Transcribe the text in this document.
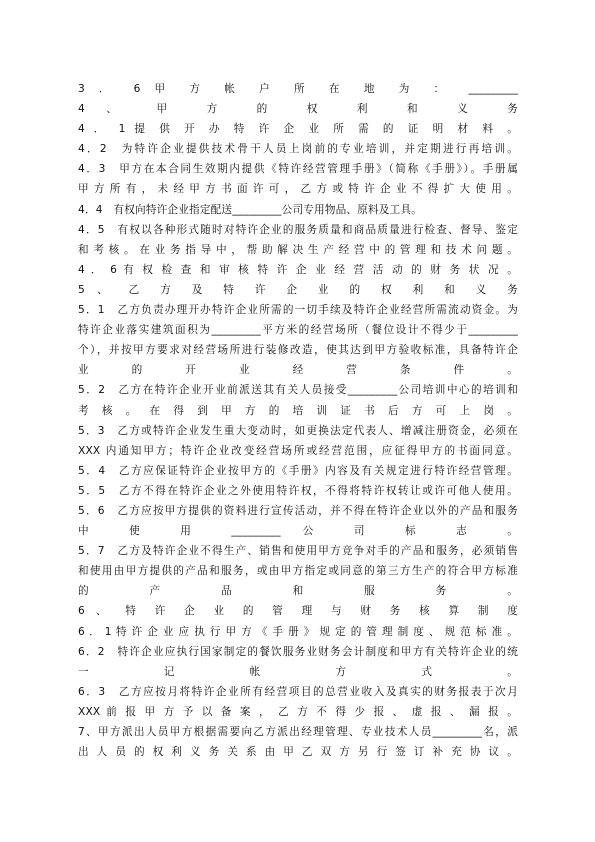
3 ． 6 甲 方 帐 户 所 在 地 为 ： _________
4 、 甲 方 的 权 利 和 义 务
4 ． 1 提 供 开 办 特 许 企 业 所 需 的 证 明 材 料 。
4．2　为特许企业提供技术骨干人员上岗前的专业培训，并定期进行再培训。
4．3　甲方在本合同生效期内提供《特许经营管理手册》（简称《手册》）。手册属
甲 方 所 有 ， 未 经 甲 方 书 面 许 可 ， 乙 方 或 特 许 企 业 不 得 扩 大 使 用 。
4．4　有权向特许企业指定配送_________公司专用物品、原料及工具。
4．5　有权以各种形式随时对特许企业的服务质量和商品质量进行检查、督导、鉴定
和 考 核 。 在 业 务 指 导 中 ， 帮 助 解 决 生 产 经 营 中 的 管 理 和 技 术 问 题 。
4 ． 6 有 权 检 查 和 审 核 特 许 企 业 经 营 活 动 的 财 务 状 况 。
5 、 乙 方 及 特 许 企 业 的 权 利 和 义 务
5．1　乙方负责办理开办特许企业所需的一切手续及特许企业经营所需流动资金。为
特许企业落实建筑面积为_________平方米的经营场所（餐位设计不得少于_________
个），并按甲方要求对经营场所进行装修改造，使其达到甲方验收标准，具备特许企
业 的 开 业 经 营 条 件 。
5．2　乙方在特许企业开业前派送其有关人员接受_________公司培训中心的培训和
考 核 。 在 得 到 甲 方 的 培 训 证 书 后 方 可 上 岗 。
5．3　乙方或特许企业发生重大变动时，如更换法定代表人、增减注册资金，必须在
XXX 内通知甲方；特许企业改变经营场所或经营范围，应征得甲方的书面同意。
5．4　乙方应保证特许企业按甲方的《手册》内容及有关规定进行特许经营管理。
5．5　乙方不得在特许企业之外使用特许权，不得将特许权转让或许可他人使用。
5．6　乙方应按甲方提供的资料进行宣传活动，并不得在特许企业以外的产品和服务
中 使 用 _________ 公 司 标 志 。
5．7　乙方及特许企业不得生产、销售和使用甲方竞争对手的产品和服务，必须销售
和使用由甲方提供的产品和服务，或由甲方指定或同意的第三方生产的符合甲方标准
的 产 品 和 服 务 。
6 、 特 许 企 业 的 管 理 与 财 务 核 算 制 度
6 ． 1 特 许 企 业 应 执 行 甲 方 《 手 册 》 规 定 的 管 理 制 度 、 规 范 标 准 。
6．2　特许企业应执行国家制定的餐饮服务业财务会计制度和甲方有关特许企业的统
一 记 帐 方 式 。
6．3　乙方应按月将特许企业所有经营项目的总营业收入及真实的财务报表于次月
XXX 前 报 甲 方 予 以 备 案 ， 乙 方 不 得 少 报 、 虚 报 、 漏 报 。
7、甲方派出人员甲方根据需要向乙方派出经理管理、专业技术人员_________名，派
出 人 员 的 权 利 义 务 关 系 由 甲 乙 双 方 另 行 签 订 补 充 协 议 。
